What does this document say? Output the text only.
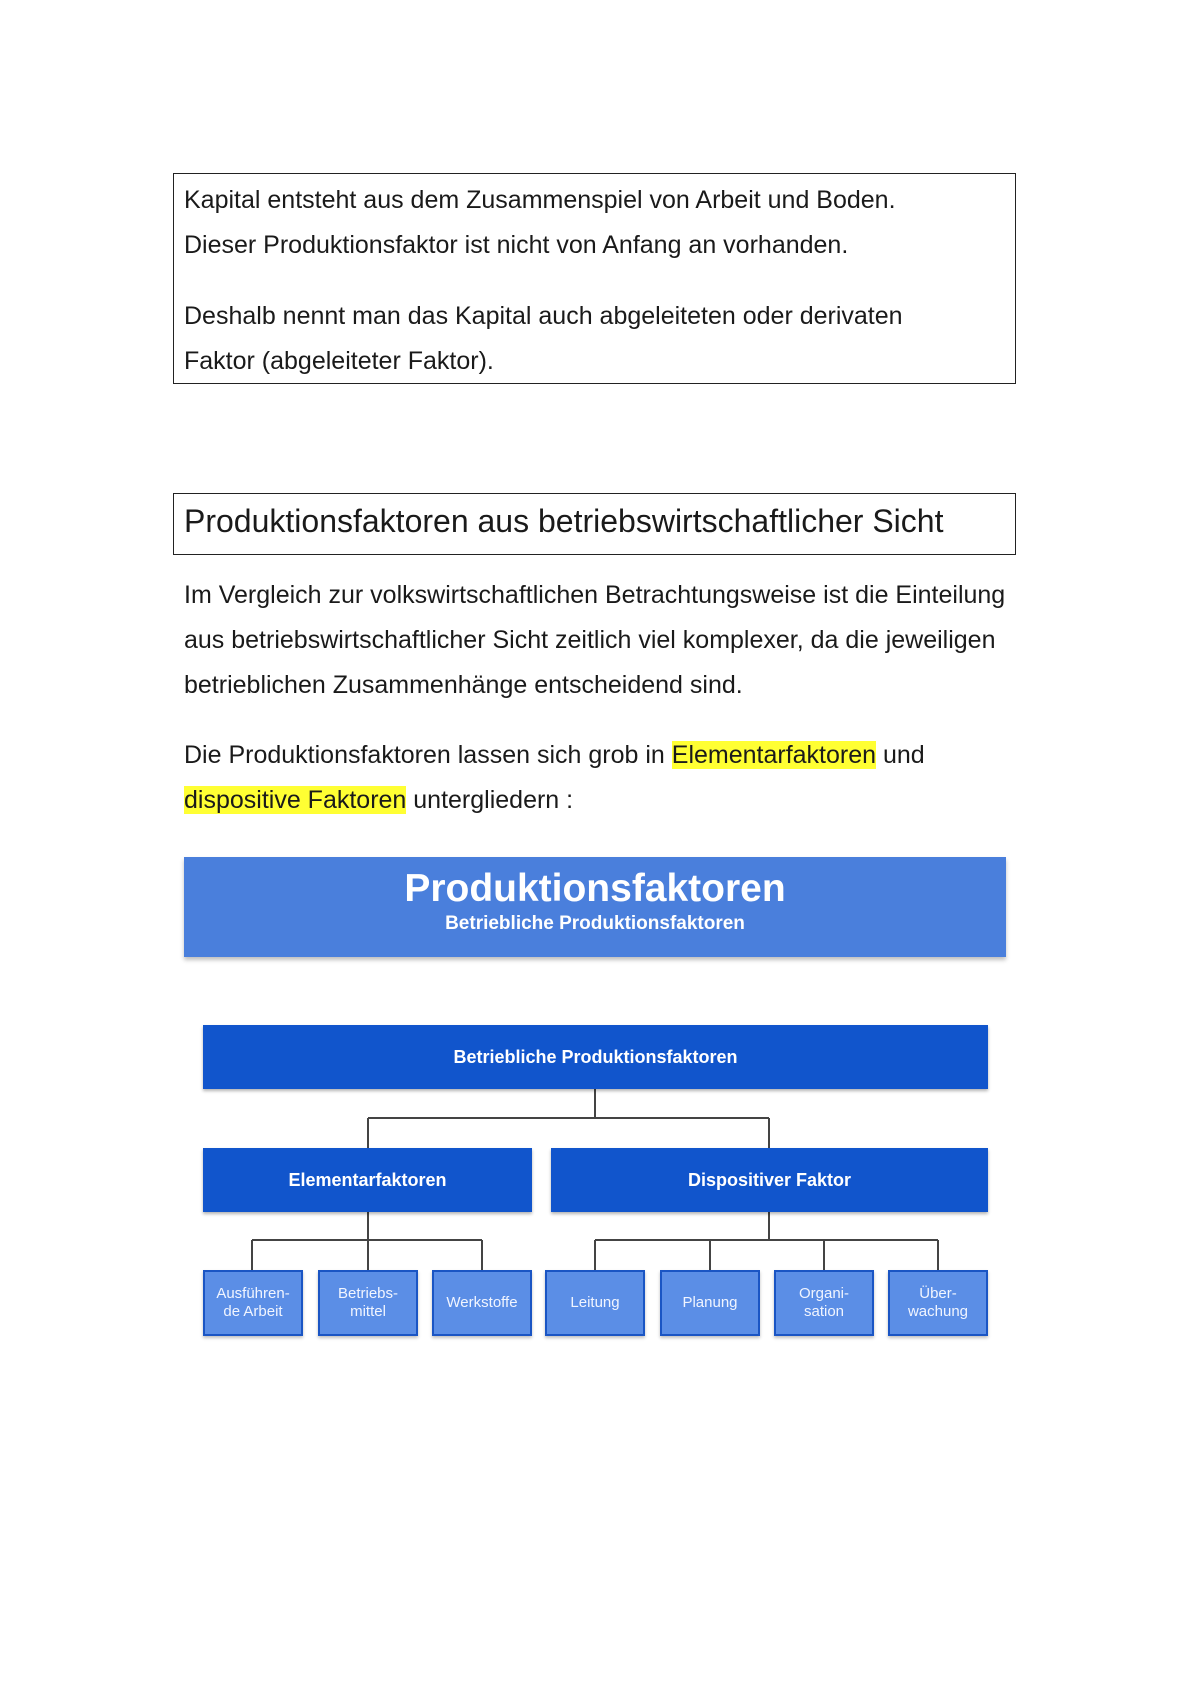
Kapital entsteht aus dem Zusammenspiel von Arbeit und Boden.

Dieser Produktionsfaktor ist nicht von Anfang an vorhanden.

Deshalb nennt man das Kapital auch abgeleiteten oder derivaten

Faktor (abgeleiteter Faktor).

Produktionsfaktoren aus betriebswirtschaftlicher Sicht

Im Vergleich zur volkswirtschaftlichen Betrachtungsweise ist die Einteilung aus betriebswirtschaftlicher Sicht zeitlich viel komplexer, da die jeweiligen betrieblichen Zusammenhänge entscheidend sind.

Die Produktionsfaktoren lassen sich grob in Elementarfaktoren und
dispositive Faktoren untergliedern :

Produktionsfaktoren
Betriebliche Produktionsfaktoren
Betriebliche Produktionsfaktoren
Elementarfaktoren	Dispositiver Faktor
Ausführen-
de Arbeit
Betriebs-
mittel
Werkstoffe	Leitung	Planung
Organi-
sation
Über-
wachung
